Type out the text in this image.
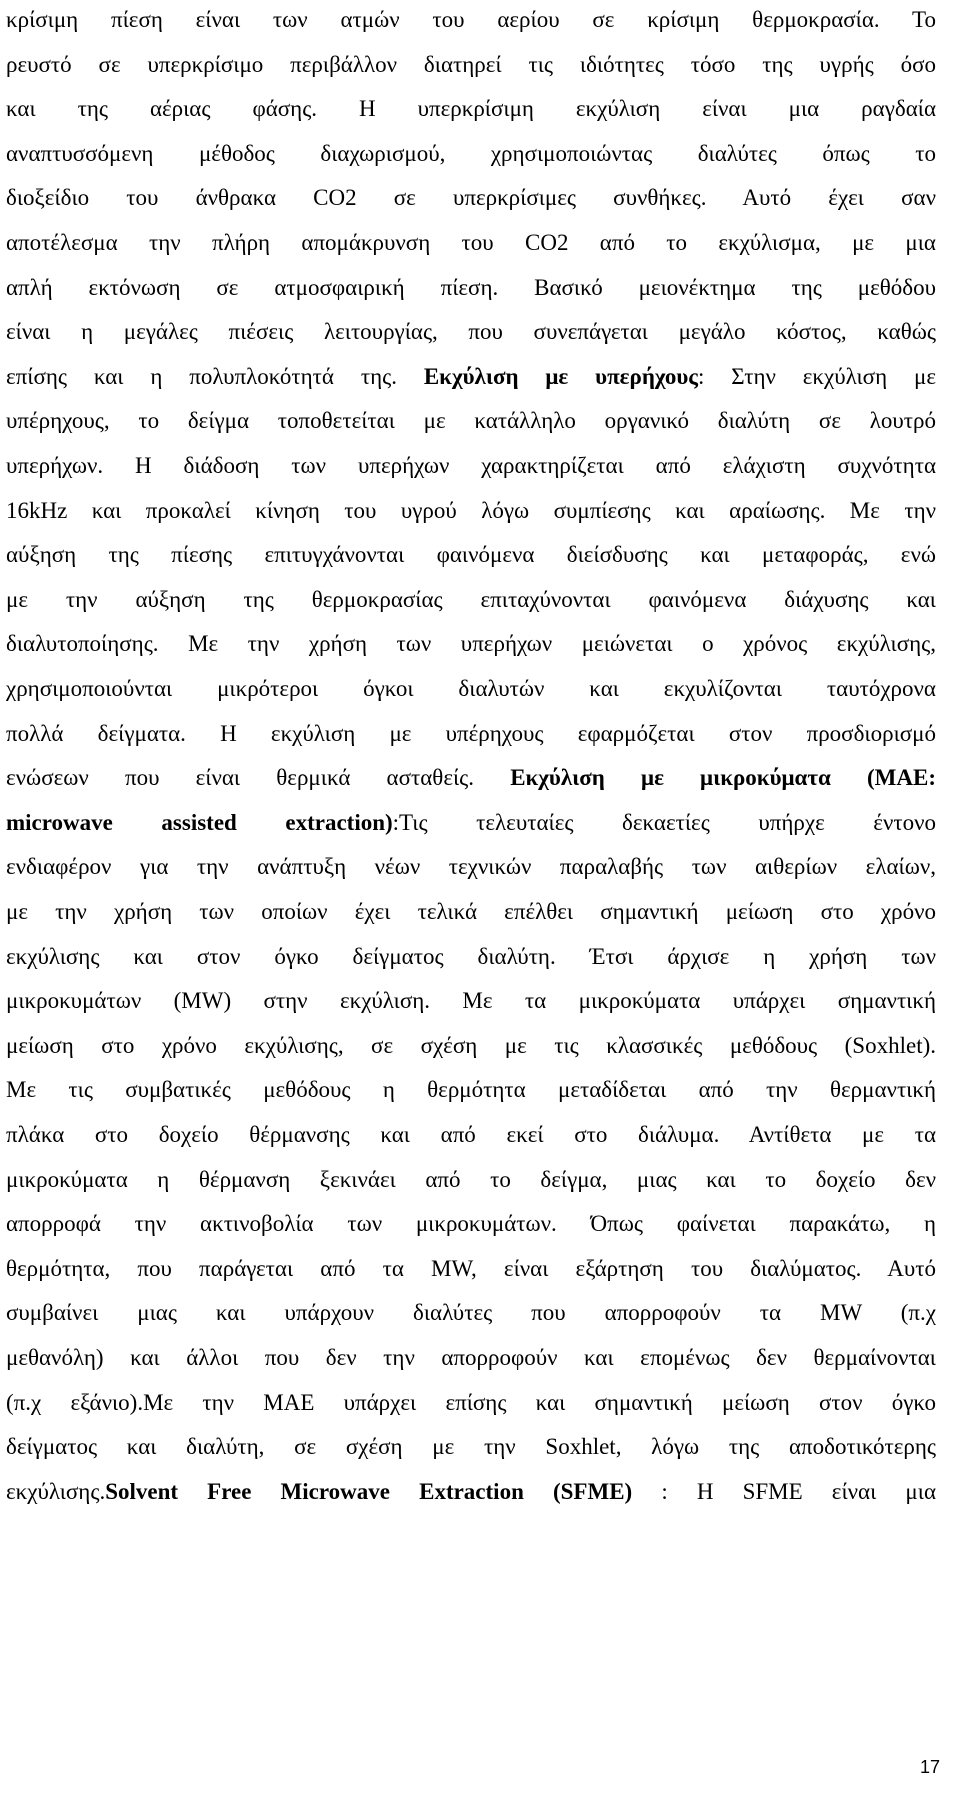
κρίσιμη πίεση είναι των ατμών του αερίου σε κρίσιμη θερμοκρασία. Το
ρευστό σε υπερκρίσιμο περιβάλλον διατηρεί τις ιδιότητες τόσο της υγρής όσο
και της αέριας φάσης. Η υπερκρίσιμη εκχύλιση είναι μια ραγδαία
αναπτυσσόμενη μέθοδος διαχωρισμού, χρησιμοποιώντας διαλύτες όπως το
διοξείδιο του άνθρακα CO2 σε υπερκρίσιμες συνθήκες. Αυτό έχει σαν
αποτέλεσμα την πλήρη απομάκρυνση του CO2 από το εκχύλισμα, με μια
απλή εκτόνωση σε ατμοσφαιρική πίεση. Βασικό μειονέκτημα της μεθόδου
είναι η μεγάλες πιέσεις λειτουργίας, που συνεπάγεται μεγάλο κόστος, καθώς
επίσης και η πολυπλοκότητά της. Εκχύλιση με υπερήχους: Στην εκχύλιση με
υπέρηχους, το δείγμα τοποθετείται με κατάλληλο οργανικό διαλύτη σε λουτρό
υπερήχων. Η διάδοση των υπερήχων χαρακτηρίζεται από ελάχιστη συχνότητα
16kHz και προκαλεί κίνηση του υγρού λόγω συμπίεσης και αραίωσης. Με την
αύξηση της πίεσης επιτυγχάνονται φαινόμενα διείσδυσης και μεταφοράς, ενώ
με την αύξηση της θερμοκρασίας επιταχύνονται φαινόμενα διάχυσης και
διαλυτοποίησης. Με την χρήση των υπερήχων μειώνεται ο χρόνος εκχύλισης,
χρησιμοποιούνται μικρότεροι όγκοι διαλυτών και εκχυλίζονται ταυτόχρονα
πολλά δείγματα. Η εκχύλιση με υπέρηχους εφαρμόζεται στον προσδιορισμό
ενώσεων που είναι θερμικά ασταθείς. Εκχύλιση με μικροκύματα (MAE:
microwave assisted extraction):Τις τελευταίες δεκαετίες υπήρχε έντονο
ενδιαφέρον για την ανάπτυξη νέων τεχνικών παραλαβής των αιθερίων ελαίων,
με την χρήση των οποίων έχει τελικά επέλθει σημαντική μείωση στο χρόνο
εκχύλισης και στον όγκο δείγματος διαλύτη. Έτσι άρχισε η χρήση των
μικροκυμάτων (MW) στην εκχύλιση. Με τα μικροκύματα υπάρχει σημαντική
μείωση στο χρόνο εκχύλισης, σε σχέση με τις κλασσικές μεθόδους (Soxhlet).
Με τις συμβατικές μεθόδους η θερμότητα μεταδίδεται από την θερμαντική
πλάκα στο δοχείο θέρμανσης και από εκεί στο διάλυμα. Αντίθετα με τα
μικροκύματα η θέρμανση ξεκινάει από το δείγμα, μιας και το δοχείο δεν
απορροφά την ακτινοβολία των μικροκυμάτων. Όπως φαίνεται παρακάτω, η
θερμότητα, που παράγεται από τα MW, είναι εξάρτηση του διαλύματος. Αυτό
συμβαίνει μιας και υπάρχουν διαλύτες που απορροφούν τα MW (π.χ
μεθανόλη) και άλλοι που δεν την απορροφούν και επομένως δεν θερμαίνονται
(π.χ εξάνιο).Με την MAE υπάρχει επίσης και σημαντική μείωση στον όγκο
δείγματος και διαλύτη, σε σχέση με την Soxhlet, λόγω της αποδοτικότερης
εκχύλισης.Solvent Free Microwave Extraction (SFME) : Η SFME είναι μια
17
